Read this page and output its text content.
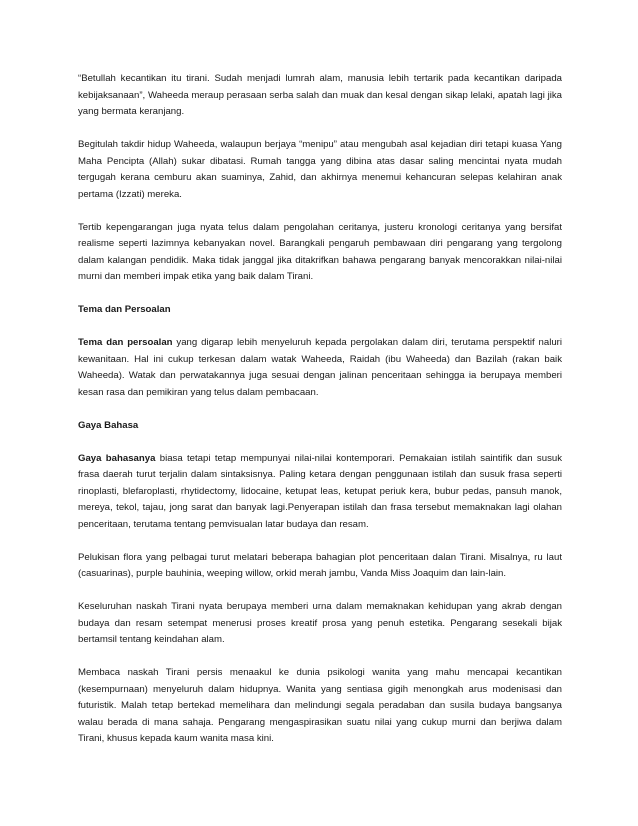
“Betullah kecantikan itu tirani. Sudah menjadi lumrah alam, manusia lebih tertarik pada kecantikan daripada kebijaksanaan”, Waheeda meraup perasaan serba salah dan muak dan kesal dengan sikap lelaki, apatah lagi jika yang bermata keranjang.

Begitulah takdir hidup Waheeda, walaupun berjaya “menipu” atau mengubah asal kejadian diri tetapi kuasa Yang Maha Pencipta (Allah) sukar dibatasi. Rumah tangga yang dibina atas dasar saling mencintai nyata mudah tergugah kerana cemburu akan suaminya, Zahid, dan akhirnya menemui kehancuran selepas kelahiran anak pertama (Izzati) mereka.

Tertib kepengarangan juga nyata telus dalam pengolahan ceritanya, justeru kronologi ceritanya yang bersifat realisme seperti lazimnya kebanyakan novel. Barangkali pengaruh pembawaan diri pengarang yang tergolong dalam kalangan pendidik. Maka tidak janggal jika ditakrifkan bahawa pengarang banyak mencorakkan nilai-nilai murni dan memberi impak etika yang baik dalam Tirani.

Tema dan Persoalan

Tema dan persoalan yang digarap lebih menyeluruh kepada pergolakan dalam diri, terutama perspektif naluri kewanitaan. Hal ini cukup terkesan dalam watak Waheeda, Raidah (ibu Waheeda) dan Bazilah (rakan baik Waheeda). Watak dan perwatakannya juga sesuai dengan jalinan penceritaan sehingga ia berupaya memberi kesan rasa dan pemikiran yang telus dalam pembacaan.

Gaya Bahasa

Gaya bahasanya biasa tetapi tetap mempunyai nilai-nilai kontemporari. Pemakaian istilah saintifik dan susuk frasa daerah turut terjalin dalam sintaksisnya. Paling ketara dengan penggunaan istilah dan susuk frasa seperti rinoplasti, blefaroplasti, rhytidectomy, lidocaine, ketupat leas, ketupat periuk kera, bubur pedas, pansuh manok, mereya, tekol, tajau, jong sarat dan banyak lagi.Penyerapan istilah dan frasa tersebut memaknakan lagi olahan penceritaan, terutama tentang pemvisualan latar budaya dan resam.

Pelukisan flora yang pelbagai turut melatari beberapa bahagian plot penceritaan dalan Tirani. Misalnya, ru laut (casuarinas), purple bauhinia, weeping willow, orkid merah jambu, Vanda Miss Joaquim dan lain-lain.

Keseluruhan naskah Tirani nyata berupaya memberi urna dalam memaknakan kehidupan yang akrab dengan budaya dan resam setempat menerusi proses kreatif prosa yang penuh estetika. Pengarang sesekali bijak bertamsil tentang keindahan alam.

Membaca naskah Tirani persis menaakul ke dunia psikologi wanita yang mahu mencapai kecantikan (kesempurnaan) menyeluruh dalam hidupnya. Wanita yang sentiasa gigih menongkah arus modenisasi dan futuristik. Malah tetap bertekad memelihara dan melindungi segala peradaban dan susila budaya bangsanya walau berada di mana sahaja. Pengarang mengaspirasikan suatu nilai yang cukup murni dan berjiwa dalam Tirani, khusus kepada kaum wanita masa kini.
